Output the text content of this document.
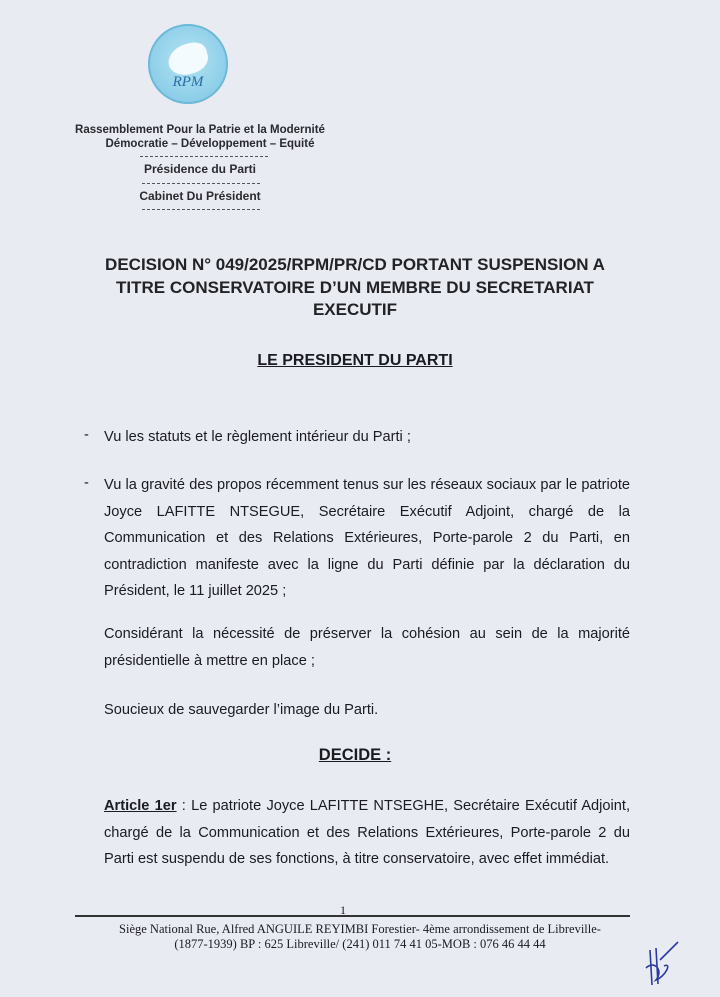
RPM
Rassemblement Pour la Patrie et la Modernité
Démocratie – Développement – Equité
Présidence du Parti
Cabinet Du Président
DECISION N° 049/2025/RPM/PR/CD PORTANT SUSPENSION A
TITRE CONSERVATOIRE D’UN MEMBRE DU SECRETARIAT
EXECUTIF
LE PRESIDENT DU PARTI
- Vu les statuts et le règlement intérieur du Parti ;
- Vu la gravité des propos récemment tenus sur les réseaux sociaux par le patriote Joyce LAFITTE NTSEGUE, Secrétaire Exécutif Adjoint, chargé de la Communication et des Relations Extérieures, Porte-parole 2 du Parti, en contradiction manifeste avec la ligne du Parti définie par la déclaration du Président, le 11 juillet 2025 ;
Considérant la nécessité de préserver la cohésion au sein de la majorité présidentielle à mettre en place ;
Soucieux de sauvegarder l’image du Parti.
DECIDE :
Article 1er : Le patriote Joyce LAFITTE NTSEGHE, Secrétaire Exécutif Adjoint, chargé de la Communication et des Relations Extérieures, Porte-parole 2 du Parti est suspendu de ses fonctions, à titre conservatoire, avec effet immédiat.
1
Siège National Rue, Alfred ANGUILE REYIMBI Forestier- 4ème arrondissement de Libreville-
(1877-1939) BP : 625 Libreville/ (241) 011 74 41 05-MOB : 076 46 44 44
